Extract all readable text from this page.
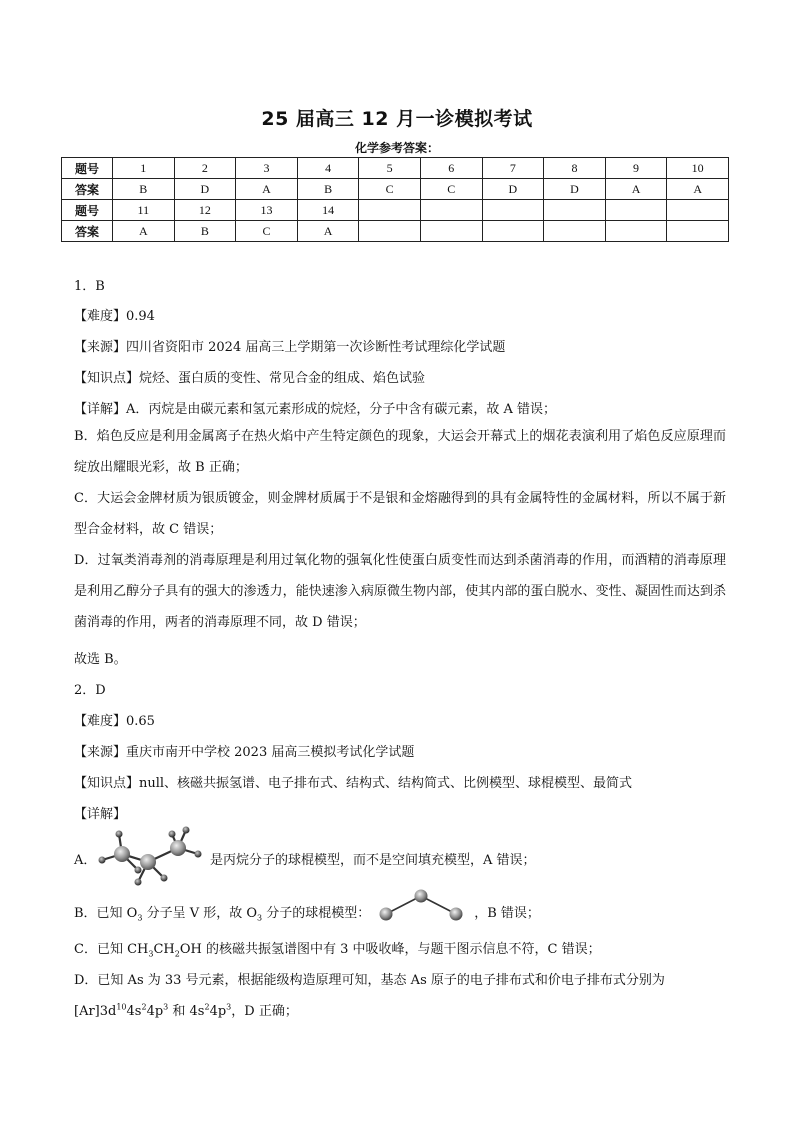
25 届高三 12 月一诊模拟考试
化学参考答案：
题号	1	2	3	4	5	6	7	8	9	10
答案	B	D	A	B	C	C	D	D	A	A
题号	11	12	13	14						
答案	A	B	C	A						
1．B
【难度】0.94
【来源】四川省资阳市 2024 届高三上学期第一次诊断性考试理综化学试题
【知识点】烷烃、蛋白质的变性、常见合金的组成、焰色试验
【详解】A．丙烷是由碳元素和氢元素形成的烷烃，分子中含有碳元素，故 A 错误；
B．焰色反应是利用金属离子在热火焰中产生特定颜色的现象，大运会开幕式上的烟花表演利用了焰色反应原理而绽放出耀眼光彩，故 B 正确；
C．大运会金牌材质为银质镀金，则金牌材质属于不是银和金熔融得到的具有金属特性的金属材料，所以不属于新型合金材料，故 C 错误；
D．过氧类消毒剂的消毒原理是利用过氧化物的强氧化性使蛋白质变性而达到杀菌消毒的作用，而酒精的消毒原理是利用乙醇分子具有的强大的渗透力，能快速渗入病原微生物内部，使其内部的蛋白脱水、变性、凝固性而达到杀菌消毒的作用，两者的消毒原理不同，故 D 错误；
故选 B。
2．D
【难度】0.65
【来源】重庆市南开中学校 2023 届高三模拟考试化学试题
【知识点】null、核磁共振氢谱、电子排布式、结构式、结构简式、比例模型、球棍模型、最简式
【详解】
A．	是丙烷分子的球棍模型，而不是空间填充模型，A 错误；
B．已知 $O_3$ 分子呈 V 形，故 $O_3$ 分子的球棍模型：	，B 错误；
C．已知 $CH_3CH_2OH$ 的核磁共振氢谱图中有 3 中吸收峰，与题干图示信息不符，C 错误；
D．已知 As 为 33 号元素，根据能级构造原理可知，基态 As 原子的电子排布式和价电子排布式分别为
$[Ar]3d^{10}4s^24p^3$ 和 $4s^24p^3$，D 正确；
